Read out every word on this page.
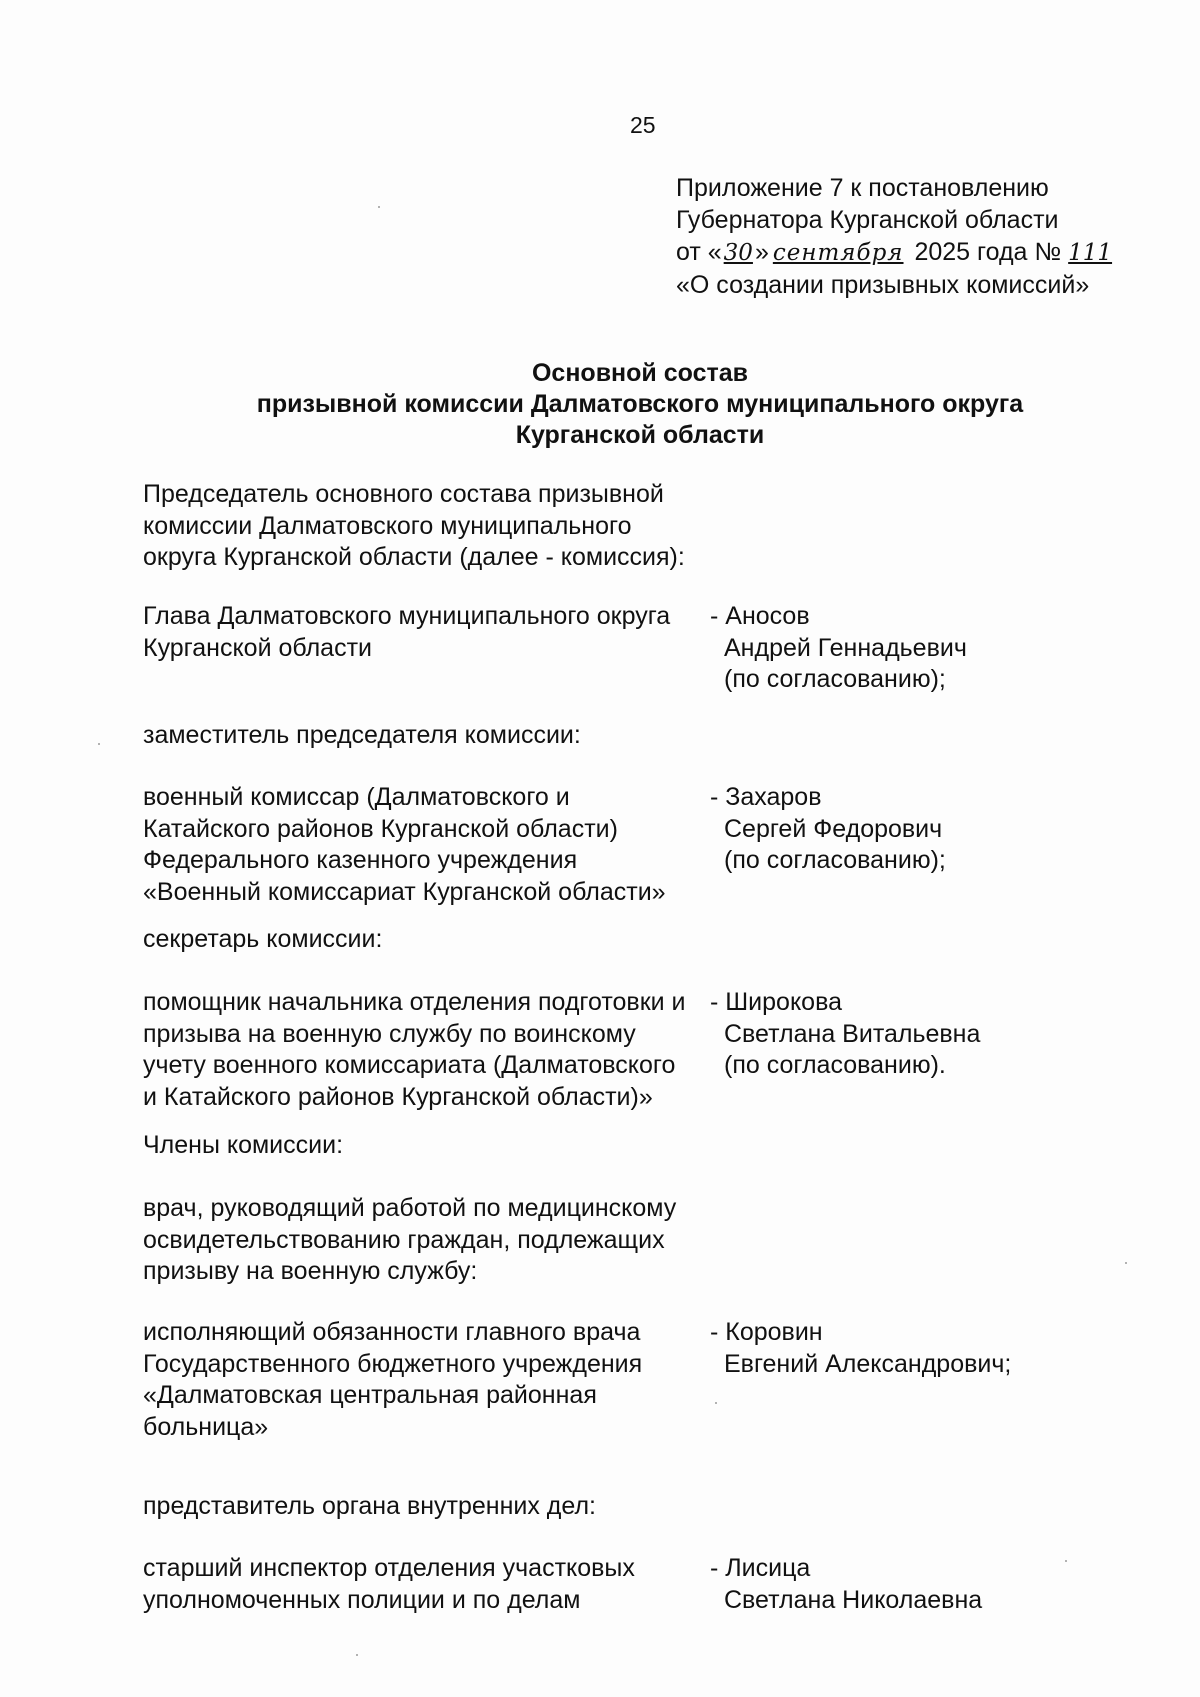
25
Приложение 7 к постановлению
Губернатора Курганской области
от «30» сентября 2025 года № 111
«О создании призывных комиссий»
Основной состав
призывной комиссии Далматовского муниципального округа
Курганской области
Председатель основного состава призывной
комиссии Далматовского муниципального
округа Курганской области (далее - комиссия):
Глава Далматовского муниципального округа
Курганской области
- Аносов
Андрей Геннадьевич
(по согласованию);
заместитель председателя комиссии:
военный комиссар (Далматовского и
Катайского районов Курганской области)
Федерального казенного учреждения
«Военный комиссариат Курганской области»
- Захаров
Сергей Федорович
(по согласованию);
секретарь комиссии:
помощник начальника отделения подготовки и
призыва на военную службу по воинскому
учету военного комиссариата (Далматовского
и Катайского районов Курганской области)»
- Широкова
Светлана Витальевна
(по согласованию).
Члены комиссии:
врач, руководящий работой по медицинскому
освидетельствованию граждан, подлежащих
призыву на военную службу:
исполняющий обязанности главного врача
Государственного бюджетного учреждения
«Далматовская центральная районная
больница»
- Коровин
Евгений Александрович;
представитель органа внутренних дел:
старший инспектор отделения участковых
уполномоченных полиции и по делам
- Лисица
Светлана Николаевна
